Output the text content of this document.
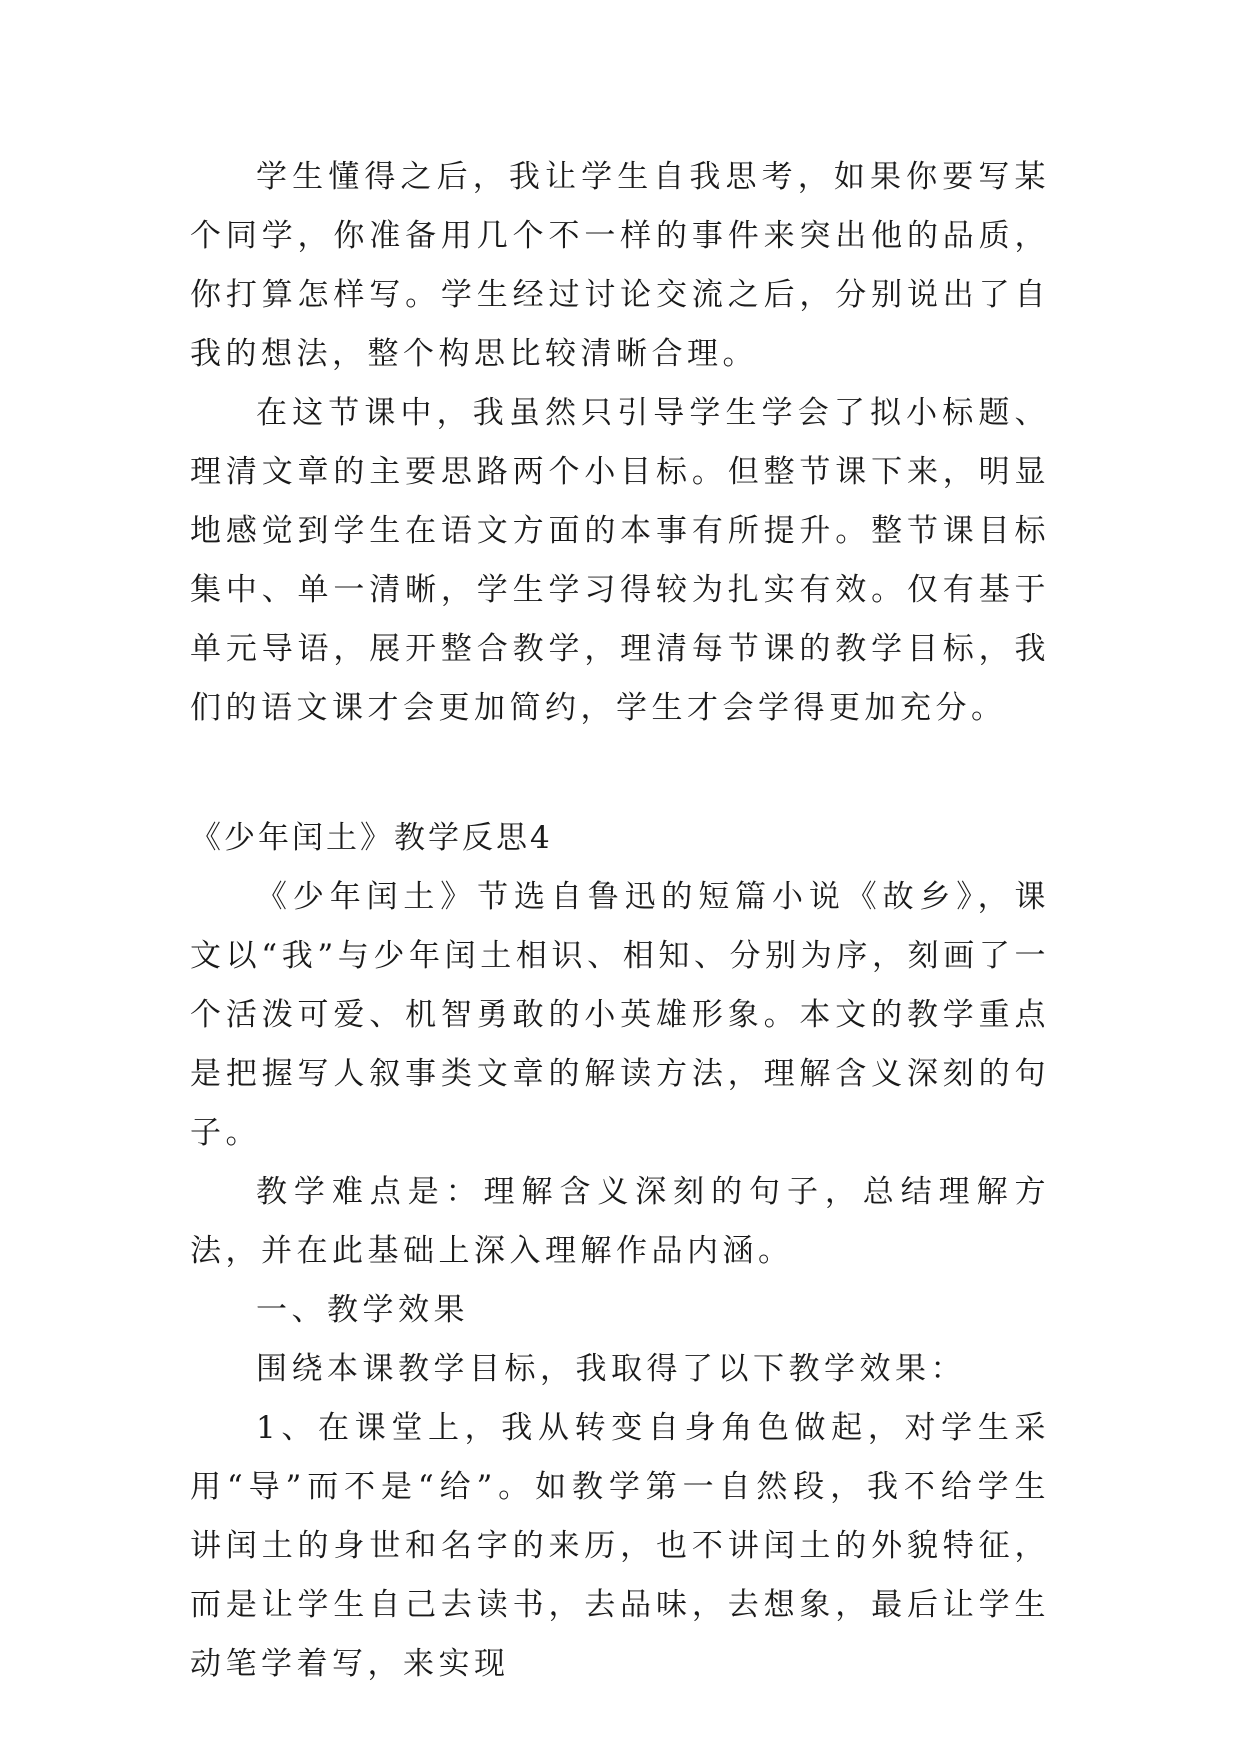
学生懂得之后，我让学生自我思考，如果你要写某个同学，你准备用几个不一样的事件来突出他的品质，你打算怎样写。学生经过讨论交流之后，分别说出了自我的想法，整个构思比较清晰合理。

在这节课中，我虽然只引导学生学会了拟小标题、理清文章的主要思路两个小目标。但整节课下来，明显地感觉到学生在语文方面的本事有所提升。整节课目标集中、单一清晰，学生学习得较为扎实有效。仅有基于单元导语，展开整合教学，理清每节课的教学目标，我们的语文课才会更加简约，学生才会学得更加充分。

《少年闰土》教学反思4

《少年闰土》节选自鲁迅的短篇小说《故乡》，课文以“我”与少年闰土相识、相知、分别为序，刻画了一个活泼可爱、机智勇敢的小英雄形象。本文的教学重点是把握写人叙事类文章的解读方法，理解含义深刻的句子。

教学难点是：理解含义深刻的句子，总结理解方法，并在此基础上深入理解作品内涵。

一、教学效果

围绕本课教学目标，我取得了以下教学效果：

1、在课堂上，我从转变自身角色做起，对学生采用“导”而不是“给”。如教学第一自然段，我不给学生讲闰土的身世和名字的来历，也不讲闰土的外貌特征，而是让学生自己去读书，去品味，去想象，最后让学生动笔学着写，来实现
